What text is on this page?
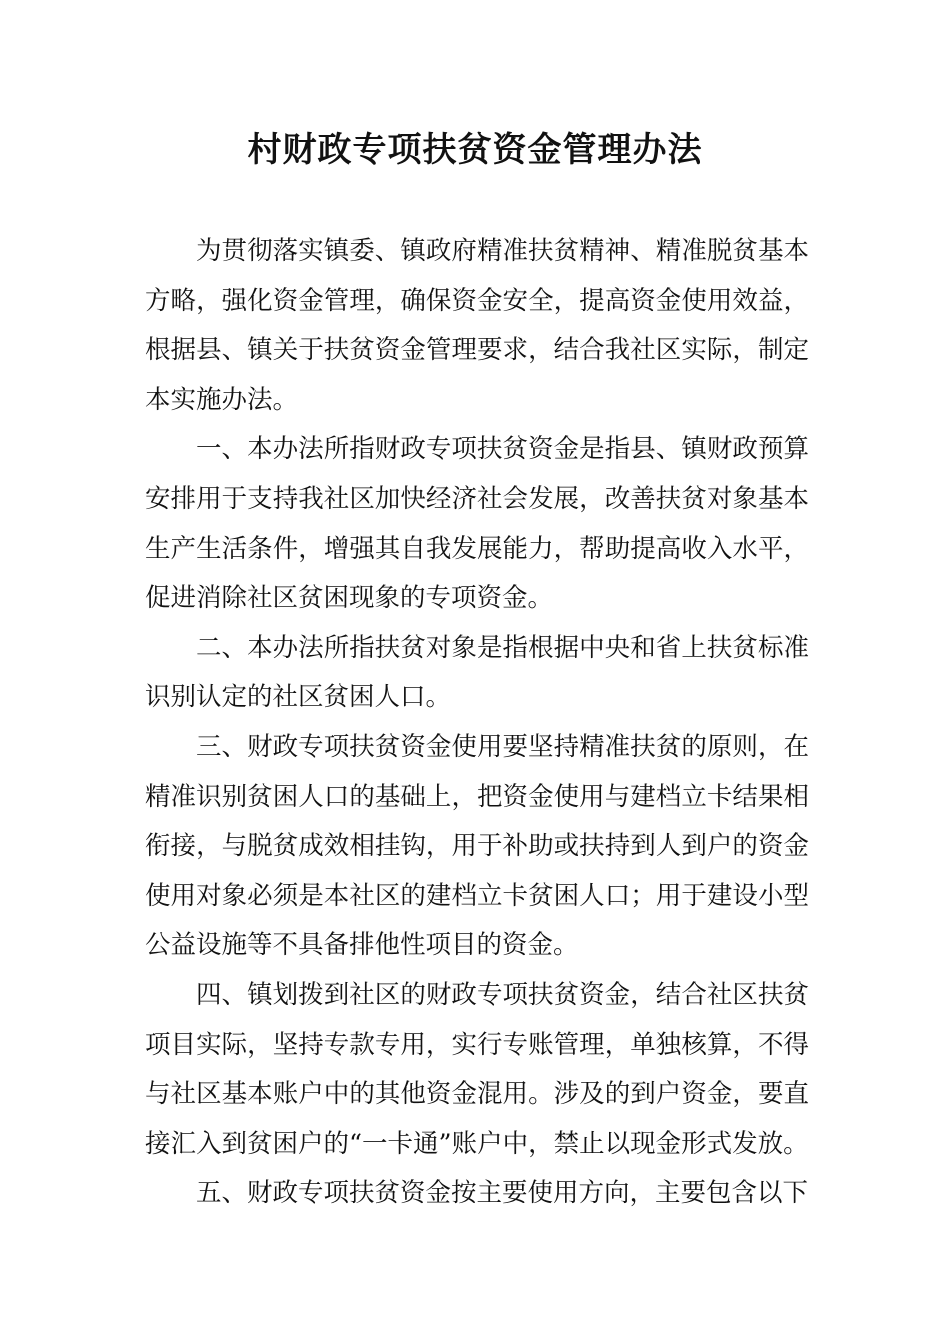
村财政专项扶贫资金管理办法

为贯彻落实镇委、镇政府精准扶贫精神、精准脱贫基本方略，强化资金管理，确保资金安全，提高资金使用效益，根据县、镇关于扶贫资金管理要求，结合我社区实际，制定本实施办法。

一、本办法所指财政专项扶贫资金是指县、镇财政预算安排用于支持我社区加快经济社会发展，改善扶贫对象基本生产生活条件，增强其自我发展能力，帮助提高收入水平，促进消除社区贫困现象的专项资金。

二、本办法所指扶贫对象是指根据中央和省上扶贫标准识别认定的社区贫困人口。

三、财政专项扶贫资金使用要坚持精准扶贫的原则，在精准识别贫困人口的基础上，把资金使用与建档立卡结果相衔接，与脱贫成效相挂钩，用于补助或扶持到人到户的资金使用对象必须是本社区的建档立卡贫困人口；用于建设小型公益设施等不具备排他性项目的资金。

四、镇划拨到社区的财政专项扶贫资金，结合社区扶贫项目实际，坚持专款专用，实行专账管理，单独核算，不得与社区基本账户中的其他资金混用。涉及的到户资金，要直接汇入到贫困户的“一卡通”账户中，禁止以现金形式发放。

五、财政专项扶贫资金按主要使用方向，主要包含以下
